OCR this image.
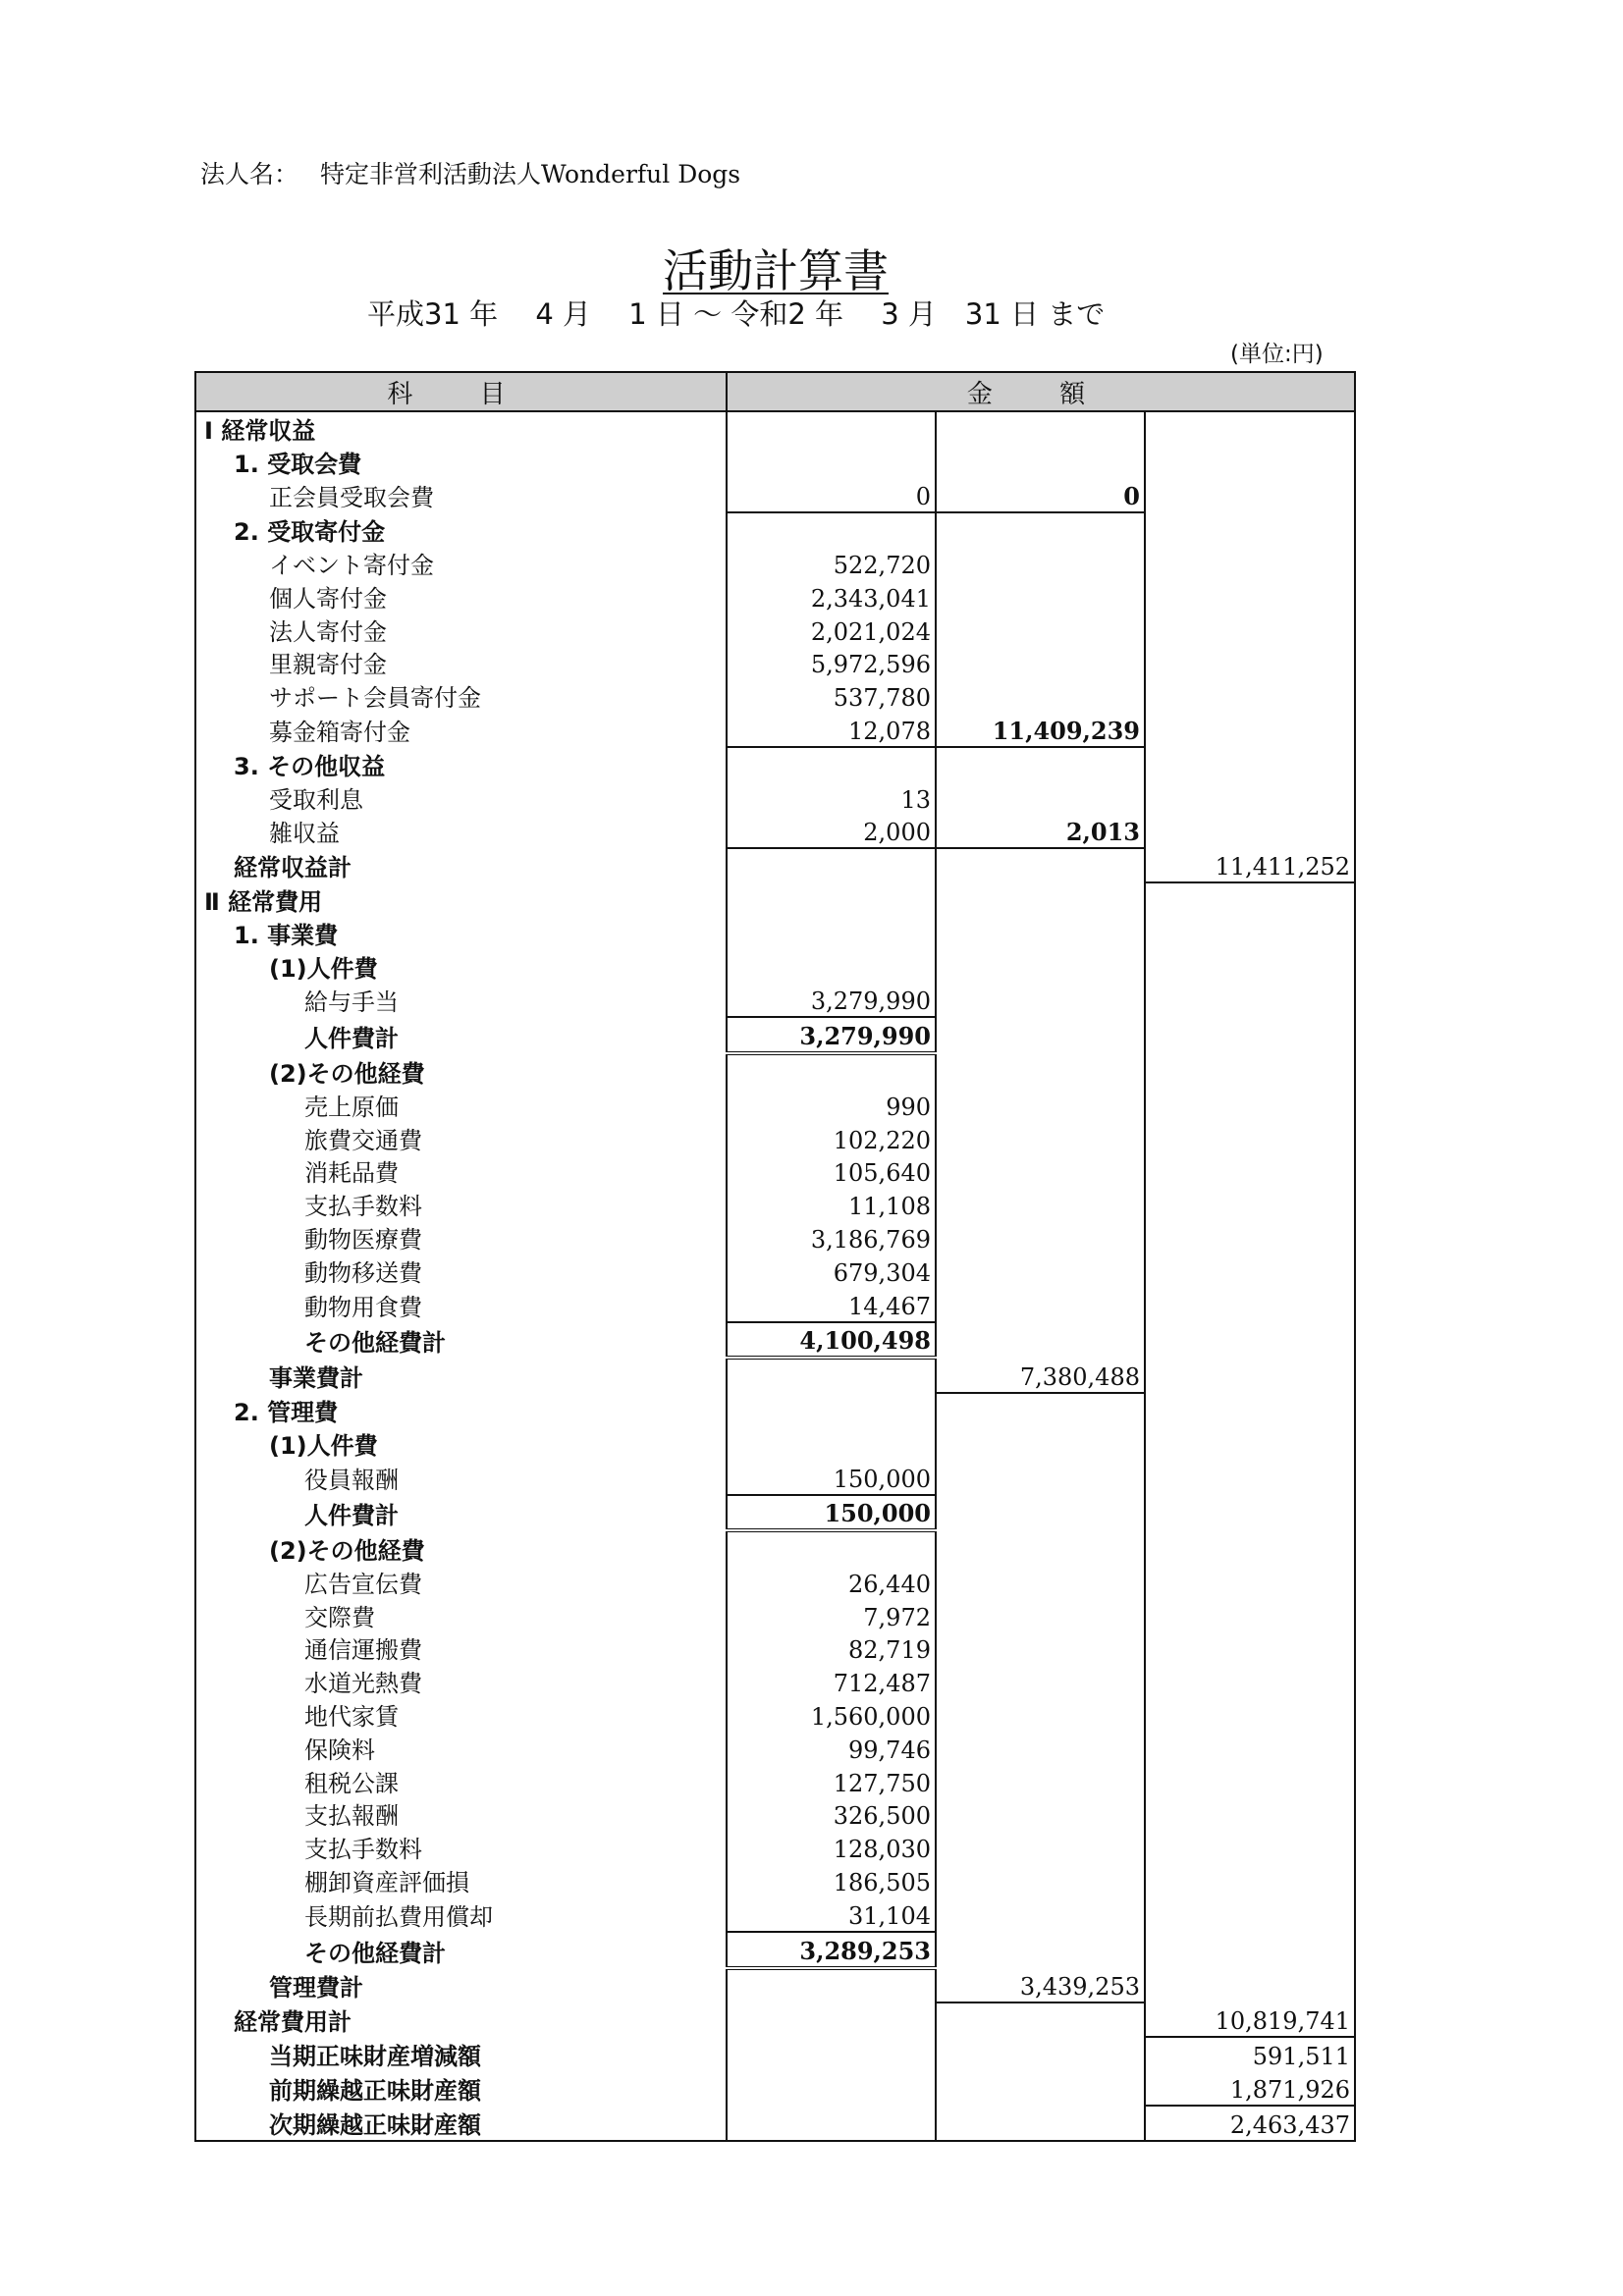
法人名： 特定非営利活動法人Wonderful Dogs
活動計算書
平成31 年　 4 月　 1 日 ～ 令和2 年　 3 月　31 日 まで
(単位:円)
科 目	金 額		
Ⅰ 経常収益			
1. 受取会費			
正会員受取会費	0	0	
2. 受取寄付金			
イベント寄付金	522,720		
個人寄付金	2,343,041		
法人寄付金	2,021,024		
里親寄付金	5,972,596		
サポート会員寄付金	537,780		
募金箱寄付金	12,078	11,409,239	
3. その他収益			
受取利息	13		
雑収益	2,000	2,013	
経常収益計			11,411,252
Ⅱ 経常費用			
1. 事業費			
(1)人件費			
給与手当	3,279,990		
人件費計	3,279,990		
(2)その他経費			
売上原価	990		
旅費交通費	102,220		
消耗品費	105,640		
支払手数料	11,108		
動物医療費	3,186,769		
動物移送費	679,304		
動物用食費	14,467		
その他経費計	4,100,498		
事業費計		7,380,488	
2. 管理費			
(1)人件費			
役員報酬	150,000		
人件費計	150,000		
(2)その他経費			
広告宣伝費	26,440		
交際費	7,972		
通信運搬費	82,719		
水道光熱費	712,487		
地代家賃	1,560,000		
保険料	99,746		
租税公課	127,750		
支払報酬	326,500		
支払手数料	128,030		
棚卸資産評価損	186,505		
長期前払費用償却	31,104		
その他経費計	3,289,253		
管理費計		3,439,253	
経常費用計			10,819,741
当期正味財産増減額			591,511
前期繰越正味財産額			1,871,926
次期繰越正味財産額			2,463,437
